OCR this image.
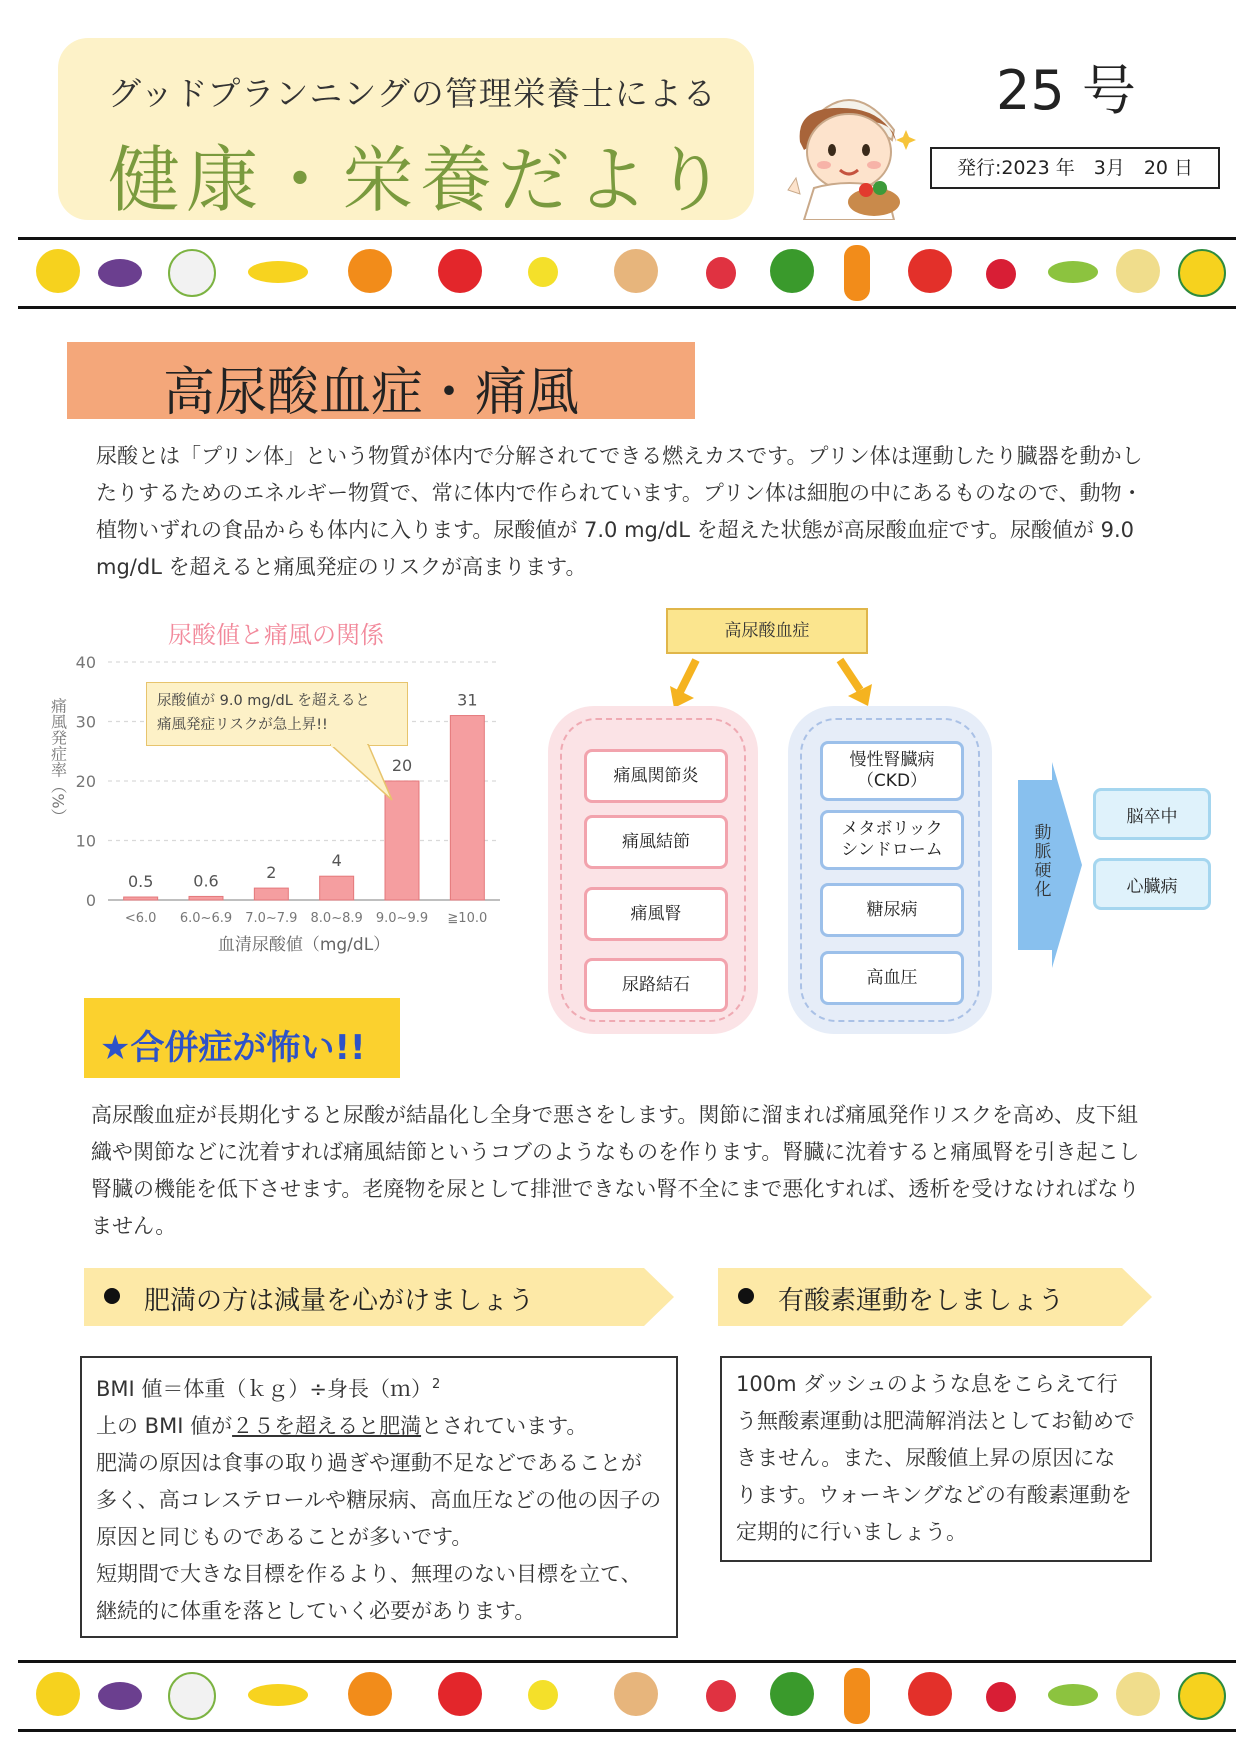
グッドプランニングの管理栄養士による
健康・栄養だより
25 号
発行:2023 年　3月　20 日
高尿酸血症・痛風
尿酸とは「プリン体」という物質が体内で分解されてできる燃えカスです。プリン体は運動したり臓器を動かしたりするためのエネルギー物質で、常に体内で作られています。プリン体は細胞の中にあるものなので、動物・植物いずれの食品からも体内に入ります。尿酸値が 7.0 mg/dL を超えた状態が高尿酸血症です。尿酸値が 9.0 mg/dL を超えると痛風発症のリスクが高まります。
尿酸値と痛風の関係
0
10
20
30
40
0.5
<6.0
0.6
6.0~6.9
2
7.0~7.9
4
8.0~8.9
20
9.0~9.9
31
≧10.0
血清尿酸値（mg/dL）
痛風発症率（%）	尿酸値が 9.0 mg/dL を超えると
痛風発症リスクが急上昇!!
高尿酸血症
痛風関節炎
痛風結節
痛風腎
尿路結石
慢性腎臓病
（CKD）
メタボリック
シンドローム
糖尿病
高血圧
動脈硬化
脳卒中
心臓病
★合併症が怖い!!
高尿酸血症が長期化すると尿酸が結晶化し全身で悪さをします。関節に溜まれば痛風発作リスクを高め、皮下組織や関節などに沈着すれば痛風結節というコブのようなものを作ります。腎臓に沈着すると痛風腎を引き起こし腎臓の機能を低下させます。老廃物を尿として排泄できない腎不全にまで悪化すれば、透析を受けなければなりません。
肥満の方は減量を心がけましょう	有酸素運動をしましょう
BMI 値＝体重（ｋｇ）÷身長（ｍ）$^2$
上の BMI 値が２５を超えると肥満とされています。
肥満の原因は食事の取り過ぎや運動不足などであることが多く、高コレステロールや糖尿病、高血圧などの他の因子の原因と同じものであることが多いです。
短期間で大きな目標を作るより、無理のない目標を立て、継続的に体重を落としていく必要があります。
100m ダッシュのような息をこらえて行う無酸素運動は肥満解消法としてお勧めできません。また、尿酸値上昇の原因になります。ウォーキングなどの有酸素運動を定期的に行いましょう。
